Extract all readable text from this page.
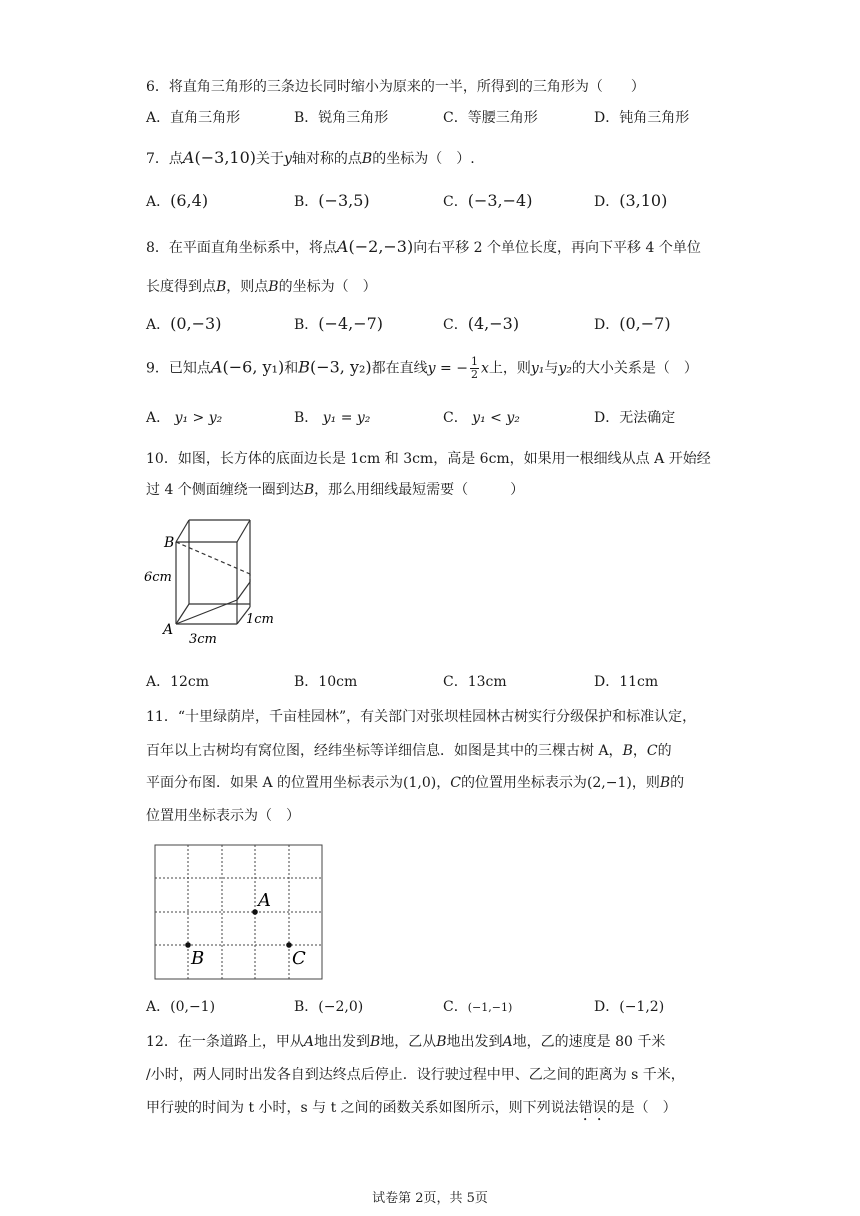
6．将直角三角形的三条边长同时缩小为原来的一半，所得到的三角形为（　　）
A．直角三角形	B．锐角三角形	C．等腰三角形	D．钝角三角形
7．点A(−3,10)关于y轴对称的点B的坐标为（　）.
A．(6,4)	B．(−3,5)	C．(−3,−4)	D．(3,10)
8．在平面直角坐标系中，将点A(−2,−3)向右平移 2 个单位长度，再向下平移 4 个单位
长度得到点B，则点B的坐标为（　）
A．(0,−3)	B．(−4,−7)	C．(4,−3)	D．(0,−7)
9．已知点A(−6, y₁)和B(−3, y₂)都在直线y = − $\frac{1}{2}$ x上，则y₁与y₂的大小关系是（　）
A． y₁ > y₂	B． y₁ = y₂	C． y₁ < y₂	D．无法确定
10．如图，长方体的底面边长是 1cm 和 3cm，高是 6cm，如果用一根细线从点 A 开始经
过 4 个侧面缠绕一圈到达B，那么用细线最短需要（　　　）
B
A
6cm
3cm
1cm
A．12cm	B．10cm	C．13cm	D．11cm
11．“十里绿荫岸，千亩桂园林”，有关部门对张坝桂园林古树实行分级保护和标准认定，
百年以上古树均有窝位图，经纬坐标等详细信息．如图是其中的三棵古树 A，B，C的
平面分布图．如果 A 的位置用坐标表示为(1,0)，C的位置用坐标表示为(2,−1)，则B的
位置用坐标表示为（　）
A
B	C
A．(0,−1)	B．(−2,0)	C．(−1,−1)	D．(−1,2)
12．在一条道路上，甲从A地出发到B地，乙从B地出发到A地，乙的速度是 80 千米
/小时，两人同时出发各自到达终点后停止．设行驶过程中甲、乙之间的距离为 s 千米，
甲行驶的时间为 t 小时，s 与 t 之间的函数关系如图所示，则下列说法错误的是（　）
试卷第 2页，共 5页
